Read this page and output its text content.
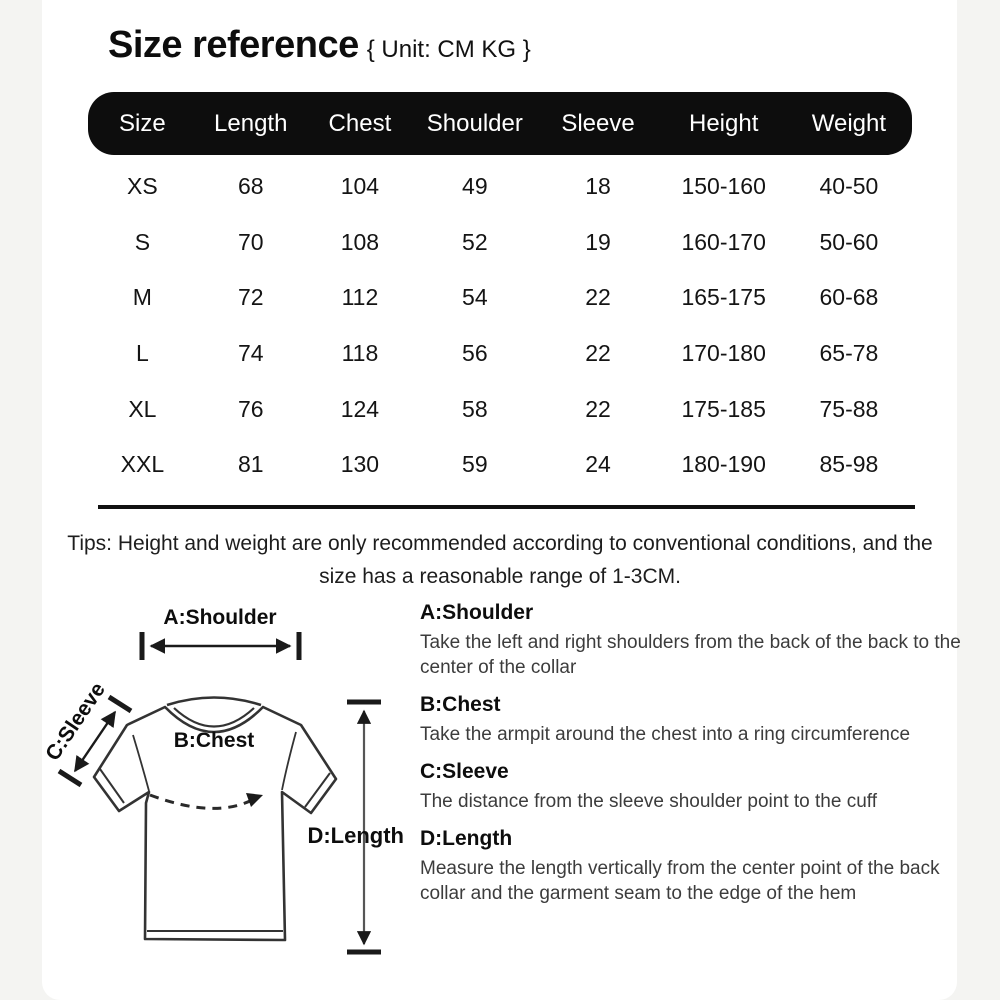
Size reference { Unit: CM KG }
Size	Length	Chest	Shoulder	Sleeve	Height	Weight
XS	68	104	49	18	150-160	40-50
S	70	108	52	19	160-170	50-60
M	72	112	54	22	165-175	60-68
L	74	118	56	22	170-180	65-78
XL	76	124	58	22	175-185	75-88
XXL	81	130	59	24	180-190	85-98
Tips: Height and weight are only recommended according to conventional conditions, and the size has a reasonable range of 1-3CM.
A:Shoulder
B:Chest
C:Sleeve
D:Length
A:Shoulder

Take the left and right shoulders from the back of the back to the center of the collar

B:Chest

Take the armpit around the chest into a ring circumference

C:Sleeve

The distance from the sleeve shoulder point to the cuff

D:Length

Measure the length vertically from the center point of the back collar and the garment seam to the edge of the hem
